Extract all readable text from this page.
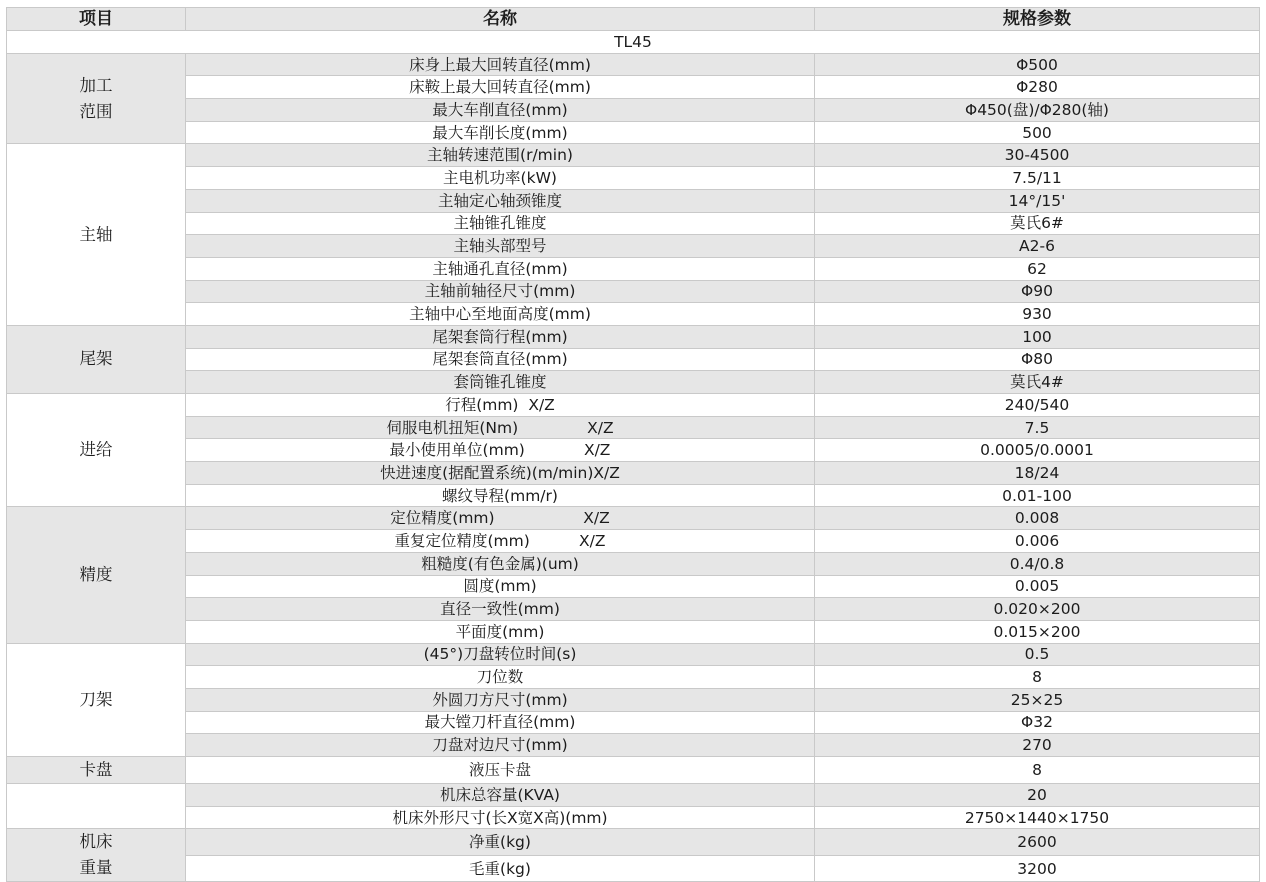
项目	名称	规格参数
TL45		
加工
范围	床身上最大回转直径(mm)	Φ500
	床鞍上最大回转直径(mm)	Φ280
	最大车削直径(mm)	Φ450(盘)/Φ280(轴)
	最大车削长度(mm)	500
主轴	主轴转速范围(r/min)	30-4500
	主电机功率(kW)	7.5/11
	主轴定心轴颈锥度	14°/15'
	主轴锥孔锥度	莫氏6#
	主轴头部型号	A2-6
	主轴通孔直径(mm)	62
	主轴前轴径尺寸(mm)	Φ90
	主轴中心至地面高度(mm)	930
尾架	尾架套筒行程(mm)	100
	尾架套筒直径(mm)	Φ80
	套筒锥孔锥度	莫氏4#
进给	行程(mm)  X/Z	240/540
	伺服电机扭矩(Nm)              X/Z	7.5
	最小使用单位(mm)            X/Z	0.0005/0.0001
	快进速度(据配置系统)(m/min)X/Z	18/24
	螺纹导程(mm/r)	0.01-100
精度	定位精度(mm)                  X/Z	0.008
	重复定位精度(mm)          X/Z	0.006
	粗糙度(有色金属)(um)	0.4/0.8
	圆度(mm)	0.005
	直径一致性(mm)	0.020×200
	平面度(mm)	0.015×200
刀架	(45°)刀盘转位时间(s)	0.5
	刀位数	8
	外圆刀方尺寸(mm)	25×25
	最大镗刀杆直径(mm)	Φ32
	刀盘对边尺寸(mm)	270
卡盘	液压卡盘	8
	机床总容量(KVA)	20
	机床外形尺寸(长X宽X高)(mm)	2750×1440×1750
机床
重量	净重(kg)	2600
	毛重(kg)	3200
